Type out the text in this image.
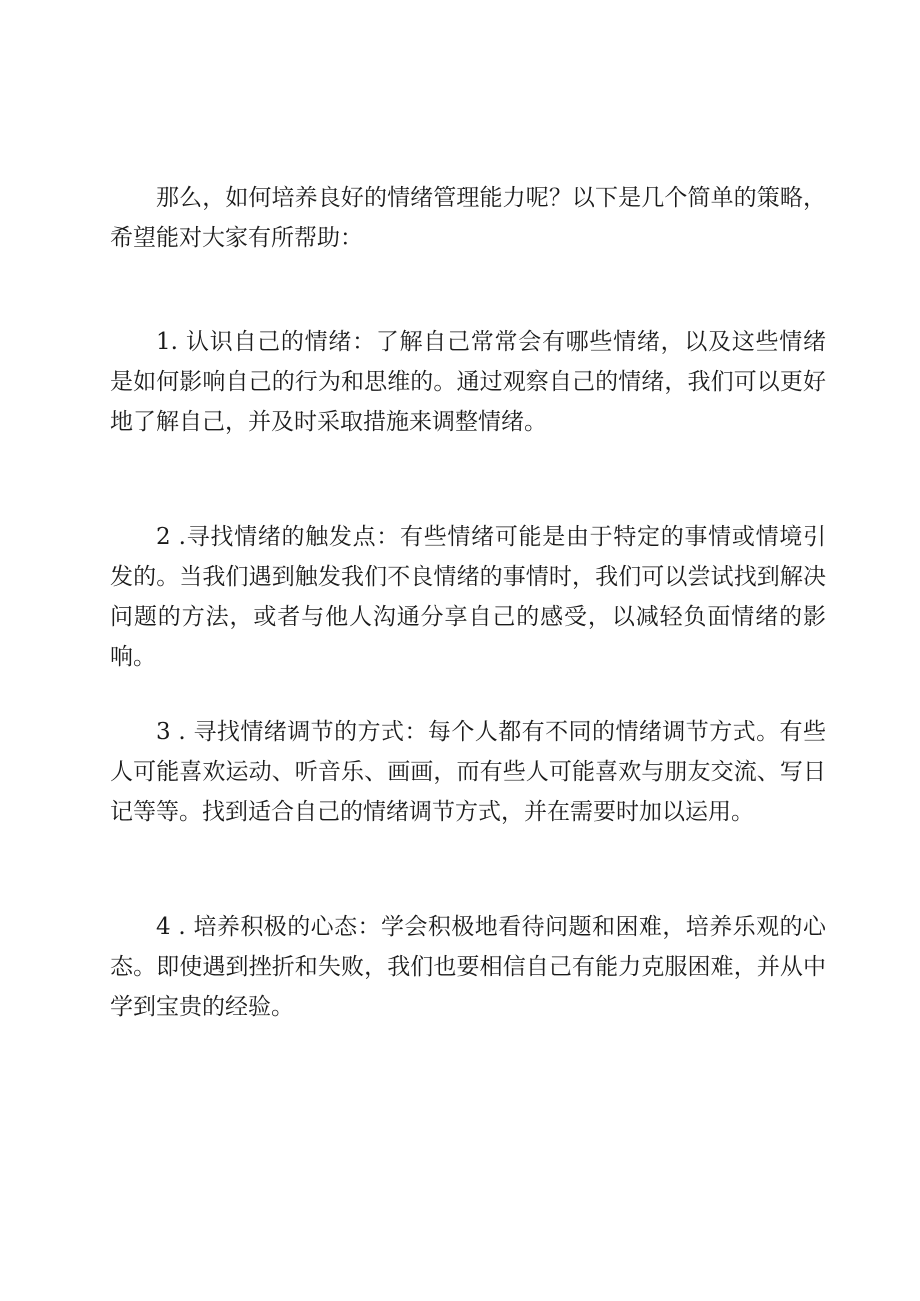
那么，如何培养良好的情绪管理能力呢？以下是几个简单的策略，希望能对大家有所帮助：

1. 认识自己的情绪：了解自己常常会有哪些情绪，以及这些情绪是如何影响自己的行为和思维的。通过观察自己的情绪，我们可以更好地了解自己，并及时采取措施来调整情绪。

2 .寻找情绪的触发点：有些情绪可能是由于特定的事情或情境引发的。当我们遇到触发我们不良情绪的事情时，我们可以尝试找到解决问题的方法，或者与他人沟通分享自己的感受，以减轻负面情绪的影响。

3 . 寻找情绪调节的方式：每个人都有不同的情绪调节方式。有些人可能喜欢运动、听音乐、画画，而有些人可能喜欢与朋友交流、写日记等等。找到适合自己的情绪调节方式，并在需要时加以运用。

4 . 培养积极的心态：学会积极地看待问题和困难，培养乐观的心态。即使遇到挫折和失败，我们也要相信自己有能力克服困难，并从中学到宝贵的经验。
